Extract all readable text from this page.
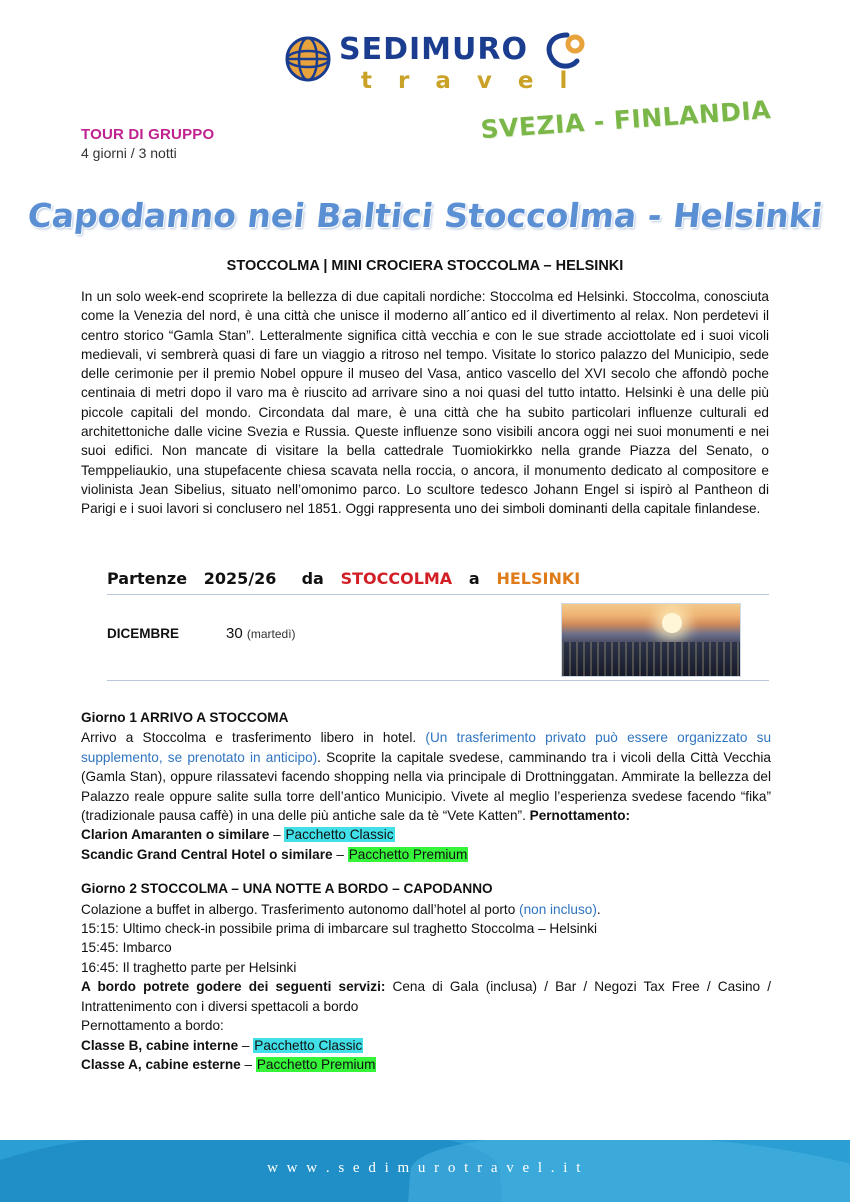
SEDIMURO
t r a v e l
SVEZIA - FINLANDIA
TOUR DI GRUPPO
4 giorni / 3 notti
Capodanno nei Baltici Stoccolma - Helsinki
STOCCOLMA | MINI CROCIERA STOCCOLMA – HELSINKI
In un solo week-end scoprirete la bellezza di due capitali nordiche: Stoccolma ed Helsinki. Stoccolma, conosciuta come la Venezia del nord, è una città che unisce il moderno all´antico ed il divertimento al relax. Non perdetevi il centro storico “Gamla Stan”. Letteralmente significa città vecchia e con le sue strade acciottolate ed i suoi vicoli medievali, vi sembrerà quasi di fare un viaggio a ritroso nel tempo. Visitate lo storico palazzo del Municipio, sede delle cerimonie per il premio Nobel oppure il museo del Vasa, antico vascello del XVI secolo che affondò poche centinaia di metri dopo il varo ma è riuscito ad arrivare sino a noi quasi del tutto intatto. Helsinki è una delle più piccole capitali del mondo. Circondata dal mare, è una città che ha subito particolari influenze culturali ed architettoniche dalle vicine Svezia e Russia. Queste influenze sono visibili ancora oggi nei suoi monumenti e nei suoi edifici. Non mancate di visitare la bella cattedrale Tuomiokirkko nella grande Piazza del Senato, o Temppeliaukio, una stupefacente chiesa scavata nella roccia, o ancora, il monumento dedicato al compositore e violinista Jean Sibelius, situato nell’omonimo parco. Lo scultore tedesco Johann Engel si ispirò al Pantheon di Parigi e i suoi lavori si conclusero nel 1851. Oggi rappresenta uno dei simboli dominanti della capitale finlandese.
Partenze 2025/26 da STOCCOLMA a HELSINKI
DICEMBRE	30 (martedì)
Giorno 1 ARRIVO A STOCCOMA
Arrivo a Stoccolma e trasferimento libero in hotel. (Un trasferimento privato può essere organizzato su supplemento, se prenotato in anticipo). Scoprite la capitale svedese, camminando tra i vicoli della Città Vecchia (Gamla Stan), oppure rilassatevi facendo shopping nella via principale di Drottninggatan. Ammirate la bellezza del Palazzo reale oppure salite sulla torre dell’antico Municipio. Vivete al meglio l’esperienza svedese facendo “fika” (tradizionale pausa caffè) in una delle più antiche sale da tè “Vete Katten”. Pernottamento:
Clarion Amaranten o similare – Pacchetto Classic
Scandic Grand Central Hotel o similare – Pacchetto Premium
Giorno 2 STOCCOLMA – UNA NOTTE A BORDO – CAPODANNO
Colazione a buffet in albergo. Trasferimento autonomo dall’hotel al porto (non incluso).
15:15: Ultimo check-in possibile prima di imbarcare sul traghetto Stoccolma – Helsinki
15:45: Imbarco
16:45: Il traghetto parte per Helsinki
A bordo potrete godere dei seguenti servizi: Cena di Gala (inclusa) / Bar / Negozi Tax Free / Casino / Intrattenimento con i diversi spettacoli a bordo
Pernottamento a bordo:
Classe B, cabine interne – Pacchetto Classic
Classe A, cabine esterne – Pacchetto Premium
w w w . s e d i m u r o t r a v e l . i t
